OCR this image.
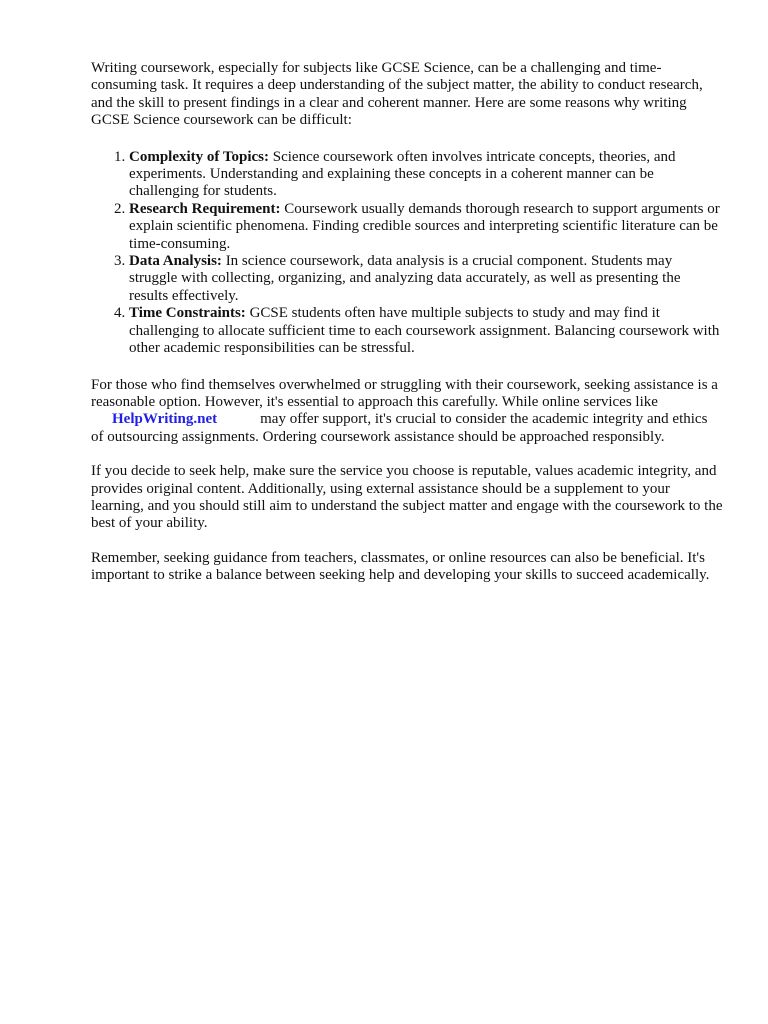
Writing coursework, especially for subjects like GCSE Science, can be a challenging and time-consuming task. It requires a deep understanding of the subject matter, the ability to conduct research, and the skill to present findings in a clear and coherent manner. Here are some reasons why writing GCSE Science coursework can be difficult:

1. Complexity of Topics: Science coursework often involves intricate concepts, theories, and experiments. Understanding and explaining these concepts in a coherent manner can be challenging for students.
2. Research Requirement: Coursework usually demands thorough research to support arguments or explain scientific phenomena. Finding credible sources and interpreting scientific literature can be time-consuming.
3. Data Analysis: In science coursework, data analysis is a crucial component. Students may struggle with collecting, organizing, and analyzing data accurately, as well as presenting the results effectively.
4. Time Constraints: GCSE students often have multiple subjects to study and may find it challenging to allocate sufficient time to each coursework assignment. Balancing coursework with other academic responsibilities can be stressful.

For those who find themselves overwhelmed or struggling with their coursework, seeking assistance is a reasonable option. However, it's essential to approach this carefully. While online services like
HelpWriting.net	may offer support, it's crucial to consider the academic integrity and ethics of outsourcing assignments. Ordering coursework assistance should be approached responsibly.

If you decide to seek help, make sure the service you choose is reputable, values academic integrity, and provides original content. Additionally, using external assistance should be a supplement to your learning, and you should still aim to understand the subject matter and engage with the coursework to the best of your ability.

Remember, seeking guidance from teachers, classmates, or online resources can also be beneficial. It's important to strike a balance between seeking help and developing your skills to succeed academically.
